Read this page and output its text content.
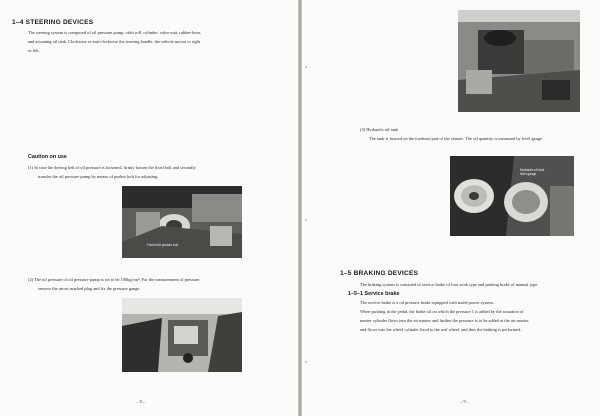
1–4 STEERING DEVICES
The steering system is composed of oil pressure pump, orbit roll, cylinder, valve unit, rubber-hose,
and actuating oil tank. Clockwise or anti-clockwise the steering handle, the vehicle moves to right
or left.
Caution on use
(1) In case the driving belt of oil pressure is loosened, firmly loosen the fixed bolt and secondly
transfer the oil pressure pump by means of pushes bolt for adjusting.
Fixed bolt pushes bolt
(2) The oil pressure of oil pressure pump is set to be 100kg/cm². For the measurement of pressure,
remove the arrow marked plug and fix the pressure gauge.
– 8 –
(3) Hydraulic oil tank
The tank is housed on the forehead part of the chassis. The oil quantity is measured by level gauge.
Hydraulic oil tank
level gauge
1–5 BRAKING DEVICES
The braking system is consisted of service brake of foot work type and parking brake of manual type.
1–5–1 Service brake
The service brake is a oil pressure brake equipped with multi-power system.
When pushing in the pedal, the brake oil on which the pressure 1 is added by the actuation of
master cylinder flows into the air master and further the pressure is to be added at the air master,
and flows into the wheel cylinder fixed to the real wheel, and thus the braking is performed.
– 9 –
